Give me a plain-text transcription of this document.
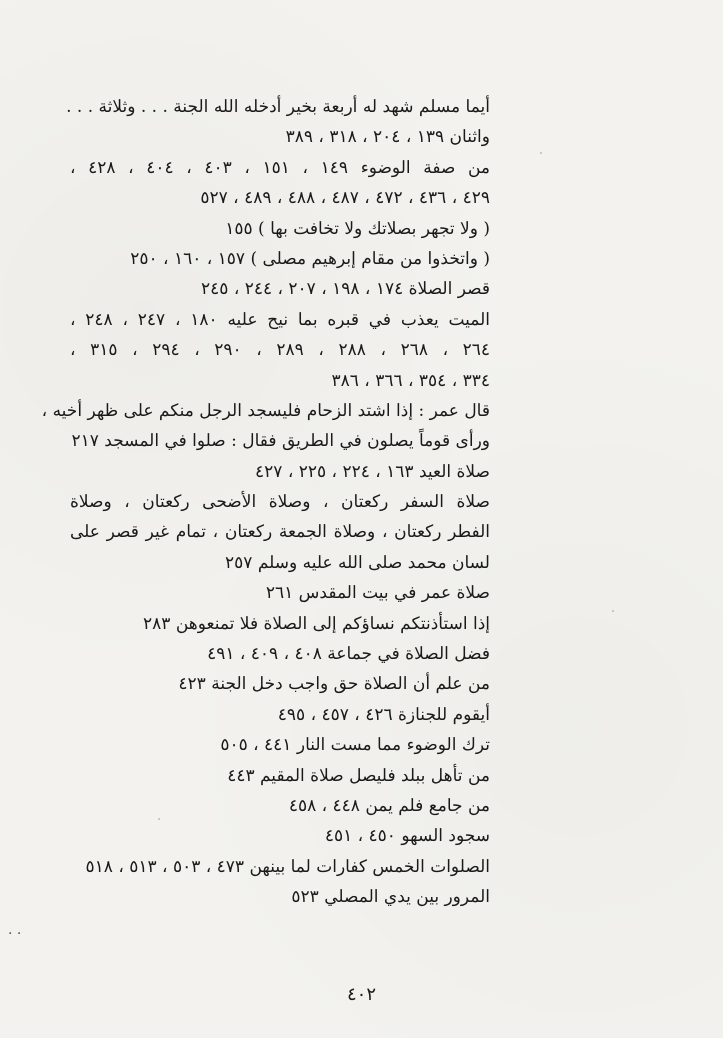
أيما مسلم شهد له أربعة بخير أدخله الله الجنة . . . وثلاثة . . .
واثنان ١٣٩ ، ٢٠٤ ، ٣١٨ ، ٣٨٩

من صفة الوضوء ١٤٩ ، ١٥١ ، ٤٠٣ ، ٤٠٤ ، ٤٢٨ ،
٤٢٩ ، ٤٣٦ ، ٤٧٢ ، ٤٨٧ ، ٤٨٨ ، ٤٨٩ ، ٥٢٧

( ولا تجهر بصلاتك ولا تخافت بها ) ١٥٥

( واتخذوا من مقام إبرهيم مصلى ) ١٥٧ ، ١٦٠ ، ٢٥٠

قصر الصلاة ١٧٤ ، ١٩٨ ، ٢٠٧ ، ٢٤٤ ، ٢٤٥

الميت يعذب في قبره بما نيح عليه ١٨٠ ، ٢٤٧ ، ٢٤٨ ،
٢٦٤ ، ٢٦٨ ، ٢٨٨ ، ٢٨٩ ، ٢٩٠ ، ٢٩٤ ، ٣١٥ ،
٣٣٤ ، ٣٥٤ ، ٣٦٦ ، ٣٨٦

قال عمر : إذا اشتد الزحام فليسجد الرجل منكم على ظهر أخيه ،
ورأى قوماً يصلون في الطريق فقال : صلوا في المسجد ٢١٧

صلاة العيد ١٦٣ ، ٢٢٤ ، ٢٢٥ ، ٤٢٧

صلاة السفر ركعتان ، وصلاة الأضحى ركعتان ، وصلاة
الفطر ركعتان ، وصلاة الجمعة ركعتان ، تمام غير قصر على
لسان محمد صلى الله عليه وسلم ٢٥٧

صلاة عمر في بيت المقدس ٢٦١

إذا استأذنتكم نساؤكم إلى الصلاة فلا تمنعوهن ٢٨٣

فضل الصلاة في جماعة ٤٠٨ ، ٤٠٩ ، ٤٩١

من علم أن الصلاة حق واجب دخل الجنة ٤٢٣

أيقوم للجنازة ٤٢٦ ، ٤٥٧ ، ٤٩٥

ترك الوضوء مما مست النار ٤٤١ ، ٥٠٥

من تأهل ببلد فليصل صلاة المقيم ٤٤٣

من جامع فلم يمن ٤٤٨ ، ٤٥٨

سجود السهو ٤٥٠ ، ٤٥١

الصلوات الخمس كفارات لما بينهن ٤٧٣ ، ٥٠٣ ، ٥١٣ ، ٥١٨

المرور بين يدي المصلي ٥٢٣

٤٠٢
. .
